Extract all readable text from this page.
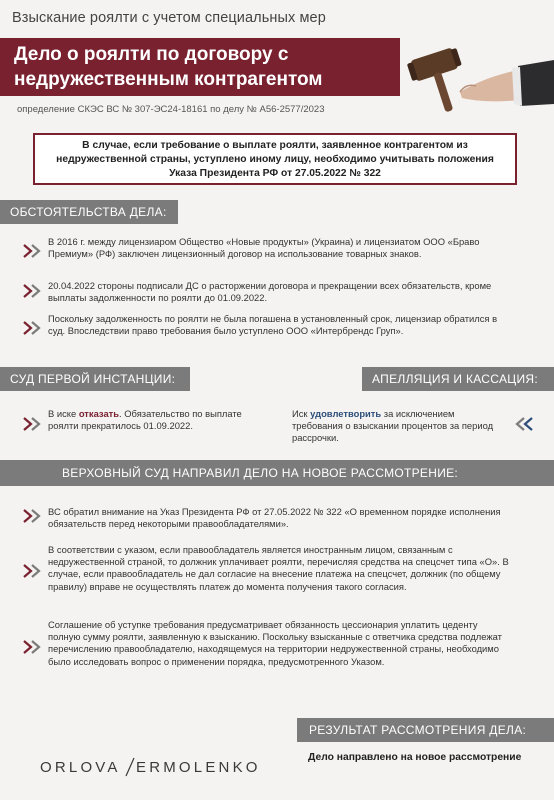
Взыскание роялти с учетом специальных мер
Дело о роялти по договору с
недружественным контрагентом
определение СКЭС ВС № 307-ЭС24-18161 по делу № А56-2577/2023
В случае, если требование о выплате роялти, заявленное контрагентом из недружественной страны, уступлено иному лицу, необходимо учитывать положения Указа Президента РФ от 27.05.2022 № 322
ОБСТОЯТЕЛЬСТВА ДЕЛА:
В 2016 г. между лицензиаром Общество «Новые продукты» (Украина) и лицензиатом ООО «Браво Премиум» (РФ) заключен лицензионный договор на использование товарных знаков.
20.04.2022 стороны подписали ДС о расторжении договора и прекращении всех обязательств, кроме выплаты задолженности по роялти до 01.09.2022.
Поскольку задолженность по роялти не была погашена в установленный срок, лицензиар обратился в суд. Впоследствии право требования было уступлено ООО «Интербрендс Груп».
СУД ПЕРВОЙ ИНСТАНЦИИ:	АПЕЛЛЯЦИЯ И КАССАЦИЯ:
В иске отказать. Обязательство по выплате роялти прекратилось 01.09.2022.
Иск удовлетворить за исключением требования о взыскании процентов за период рассрочки.
ВЕРХОВНЫЙ СУД НАПРАВИЛ ДЕЛО НА НОВОЕ РАССМОТРЕНИЕ:
ВС обратил внимание на Указ Президента РФ от 27.05.2022 № 322 «О временном порядке исполнения обязательств перед некоторыми правообладателями».
В соответствии с указом, если правообладатель является иностранным лицом, связанным с недружественной страной, то должник уплачивает роялти, перечисляя средства на спецсчет типа «О». В случае, если правообладатель не дал согласие на внесение платежа на спецсчет, должник (по общему правилу) вправе не осуществлять платеж до момента получения такого согласия.
Соглашение об уступке требования предусматривает обязанность цессионария уплатить цеденту полную сумму роялти, заявленную к взысканию. Поскольку взысканные с ответчика средства подлежат перечислению правообладателю, находящемуся на территории недружественной страны, необходимо было исследовать вопрос о применении порядка, предусмотренного Указом.
РЕЗУЛЬТАТ РАССМОТРЕНИЯ ДЕЛА:
ORLOVA ERMOLENKO
Дело направлено на новое рассмотрение
